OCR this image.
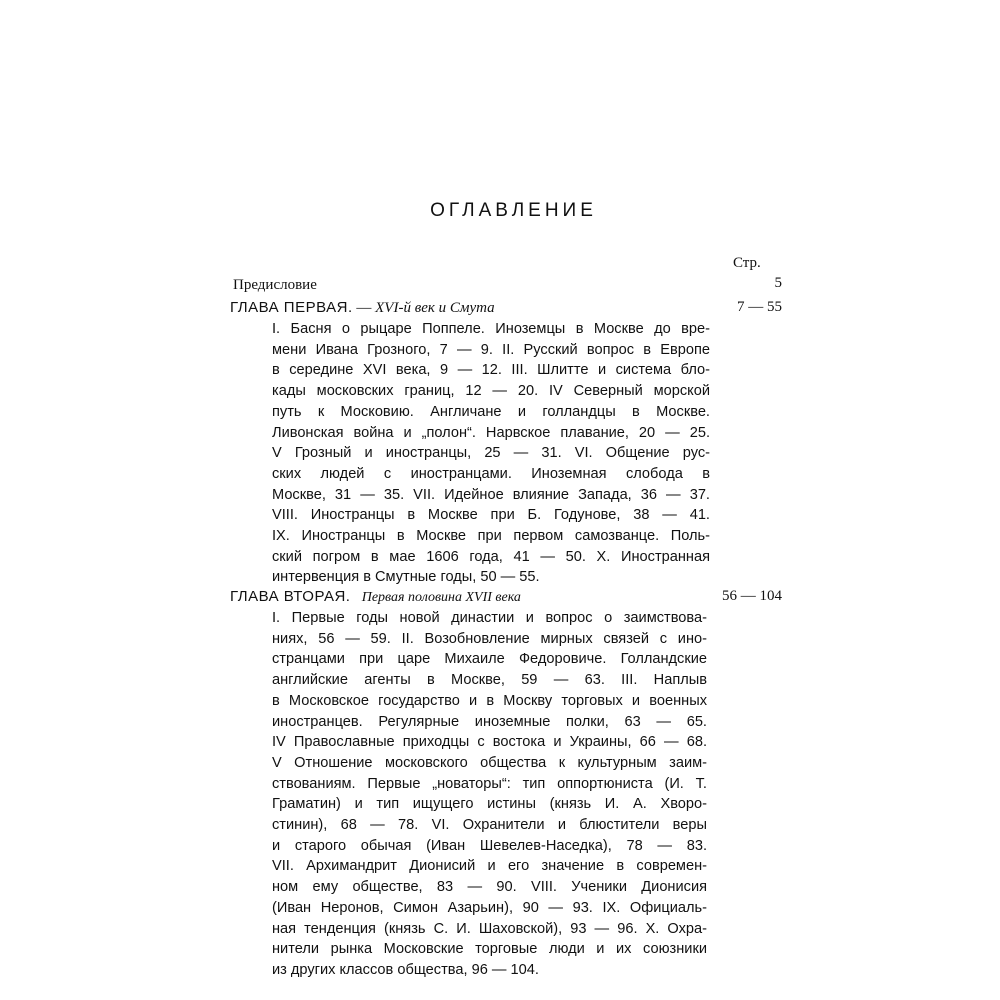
ОГЛАВЛЕНИЕ
Стр.
Предисловие	5
ГЛАВА ПЕРВАЯ. — XVI-й век и Смута	7 — 55
I. Басня о рыцаре Поппеле. Иноземцы в Москве до вре-
мени Ивана Грозного, 7 — 9. II. Русский вопрос в Европе
в середине XVI века, 9 — 12. III. Шлитте и система бло-
кады московских границ, 12 — 20. IV Северный морской
путь к Московию. Англичане и голландцы в Москве.
Ливонская война и „полон“. Нарвское плавание, 20 — 25.
V Грозный и иностранцы, 25 — 31. VI. Общение рус-
ских людей с иностранцами. Иноземная слобода в
Москве, 31 — 35. VII. Идейное влияние Запада, 36 — 37.
VIII. Иностранцы в Москве при Б. Годунове, 38 — 41.
IX. Иностранцы в Москве при первом самозванце. Поль-
ский погром в мае 1606 года, 41 — 50. X. Иностранная
интервенция в Смутные годы, 50 — 55.
ГЛАВА ВТОРАЯ. Первая половина XVII века	56 — 104
I. Первые годы новой династии и вопрос о заимствова-
ниях, 56 — 59. II. Возобновление мирных связей с ино-
странцами при царе Михаиле Федоровиче. Голландские
английские агенты в Москве, 59 — 63. III. Наплыв
в Московское государство и в Москву торговых и военных
иностранцев. Регулярные иноземные полки, 63 — 65.
IV Православные приходцы с востока и Украины, 66 — 68.
V Отношение московского общества к культурным заим-
ствованиям. Первые „новаторы“: тип оппортюниста (И. Т.
Граматин) и тип ищущего истины (князь И. А. Хворо-
стинин), 68 — 78. VI. Охранители и блюстители веры
и старого обычая (Иван Шевелев-Наседка), 78 — 83.
VII. Архимандрит Дионисий и его значение в современ-
ном ему обществе, 83 — 90. VIII. Ученики Дионисия
(Иван Неронов, Симон Азарьин), 90 — 93. IX. Официаль-
ная тенденция (князь С. И. Шаховской), 93 — 96. X. Охра-
нители рынка Московские торговые люди и их союзники
из других классов общества, 96 — 104.
